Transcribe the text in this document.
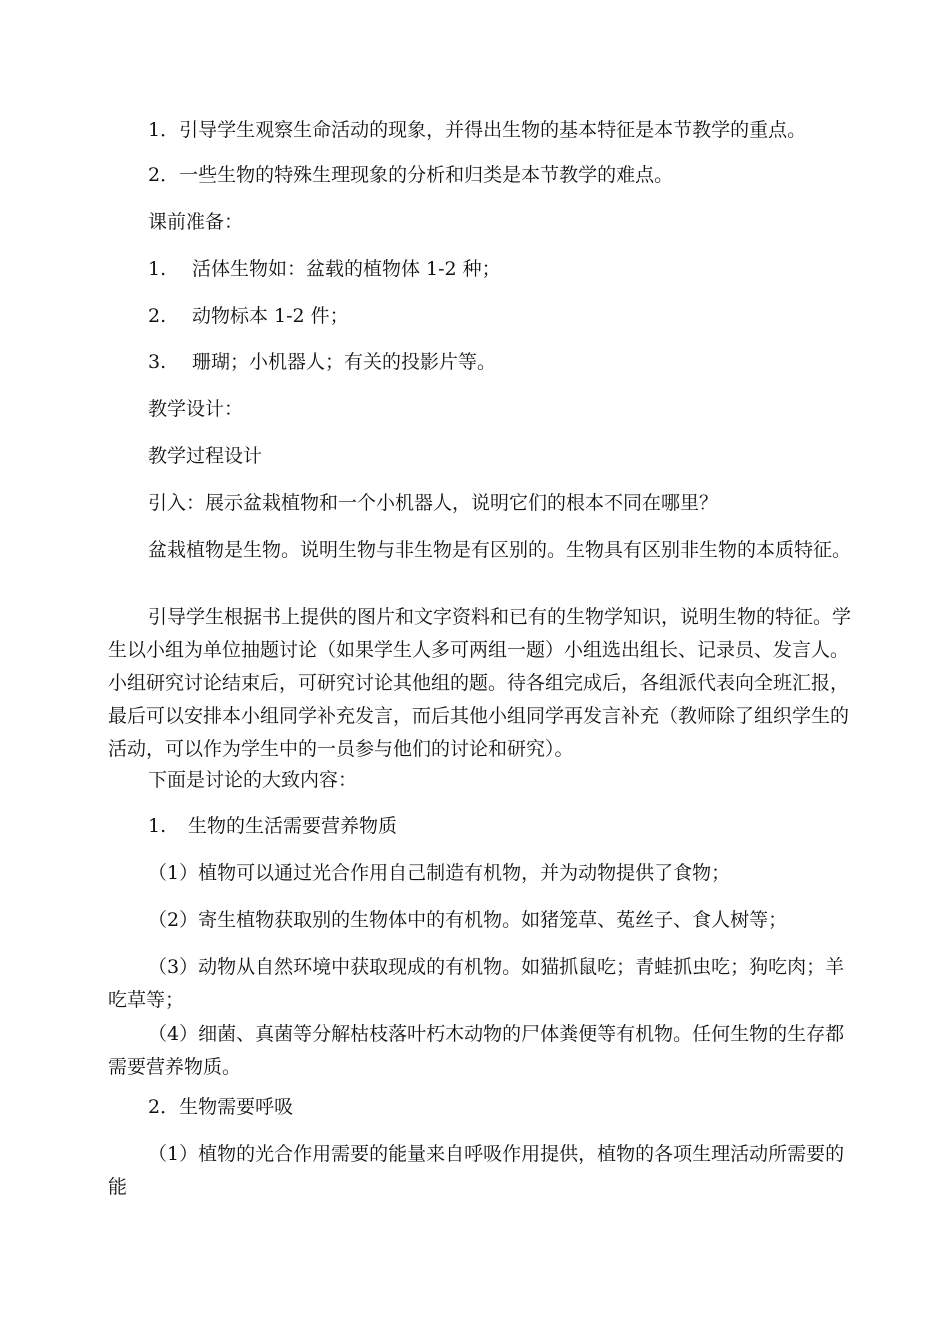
1．引导学生观察生命活动的现象，并得出生物的基本特征是本节教学的重点。

2．一些生物的特殊生理现象的分析和归类是本节教学的难点。

课前准备：

1. 活体生物如：盆载的植物体 1-2 种；
2. 动物标本 1-2 件；
3. 珊瑚；小机器人；有关的投影片等。

教学设计：

教学过程设计

引入：展示盆栽植物和一个小机器人，说明它们的根本不同在哪里？

盆栽植物是生物。说明生物与非生物是有区别的。生物具有区别非生物的本质特征。

引导学生根据书上提供的图片和文字资料和已有的生物学知识，说明生物的特征。学生以小组为单位抽题讨论（如果学生人多可两组一题）小组选出组长、记录员、发言人。小组研究讨论结束后，可研究讨论其他组的题。待各组完成后，各组派代表向全班汇报，最后可以安排本小组同学补充发言，而后其他小组同学再发言补充（教师除了组织学生的活动，可以作为学生中的一员参与他们的讨论和研究）。

下面是讨论的大致内容：

1. 生物的生活需要营养物质

（1）植物可以通过光合作用自己制造有机物，并为动物提供了食物；

（2）寄生植物获取别的生物体中的有机物。如猪笼草、菟丝子、食人树等；

（3）动物从自然环境中获取现成的有机物。如猫抓鼠吃；青蛙抓虫吃；狗吃肉；羊吃草等；

（4）细菌、真菌等分解枯枝落叶朽木动物的尸体粪便等有机物。任何生物的生存都需要营养物质。

2．生物需要呼吸

（1）植物的光合作用需要的能量来自呼吸作用提供，植物的各项生理活动所需要的能
